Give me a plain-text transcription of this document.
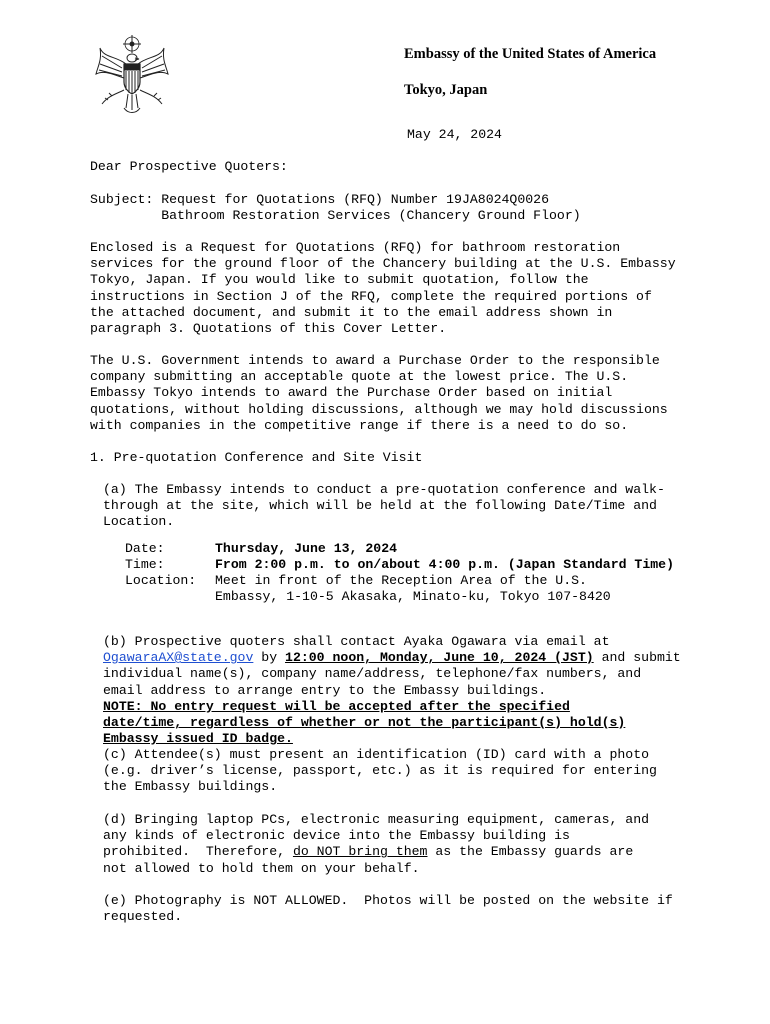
Embassy of the United States of America
Tokyo, Japan
May 24, 2024
Dear Prospective Quoters:
Subject: Request for Quotations (RFQ) Number 19JA8024Q0026
Bathroom Restoration Services (Chancery Ground Floor)
Enclosed is a Request for Quotations (RFQ) for bathroom restoration
services for the ground floor of the Chancery building at the U.S. Embassy
Tokyo, Japan. If you would like to submit quotation, follow the
instructions in Section J of the RFQ, complete the required portions of
the attached document, and submit it to the email address shown in
paragraph 3. Quotations of this Cover Letter.
The U.S. Government intends to award a Purchase Order to the responsible
company submitting an acceptable quote at the lowest price. The U.S.
Embassy Tokyo intends to award the Purchase Order based on initial
quotations, without holding discussions, although we may hold discussions
with companies in the competitive range if there is a need to do so.
1. Pre-quotation Conference and Site Visit
(a) The Embassy intends to conduct a pre-quotation conference and walk-
through at the site, which will be held at the following Date/Time and
Location.
Date:	Thursday, June 13, 2024
Time:	From 2:00 p.m. to on/about 4:00 p.m. (Japan Standard Time)
Location: Meet in front of the Reception Area of the U.S.
Embassy, 1-10-5 Akasaka, Minato-ku, Tokyo 107-8420
(b) Prospective quoters shall contact Ayaka Ogawara via email at
OgawaraAX@state.gov by 12:00 noon, Monday, June 10, 2024 (JST) and submit
individual name(s), company name/address, telephone/fax numbers, and
email address to arrange entry to the Embassy buildings.
NOTE: No entry request will be accepted after the specified
date/time, regardless of whether or not the participant(s) hold(s)
Embassy issued ID badge.
(c) Attendee(s) must present an identification (ID) card with a photo
(e.g. driver’s license, passport, etc.) as it is required for entering
the Embassy buildings.
(d) Bringing laptop PCs, electronic measuring equipment, cameras, and
any kinds of electronic device into the Embassy building is
prohibited.  Therefore, do NOT bring them as the Embassy guards are
not allowed to hold them on your behalf.
(e) Photography is NOT ALLOWED.  Photos will be posted on the website if
requested.
